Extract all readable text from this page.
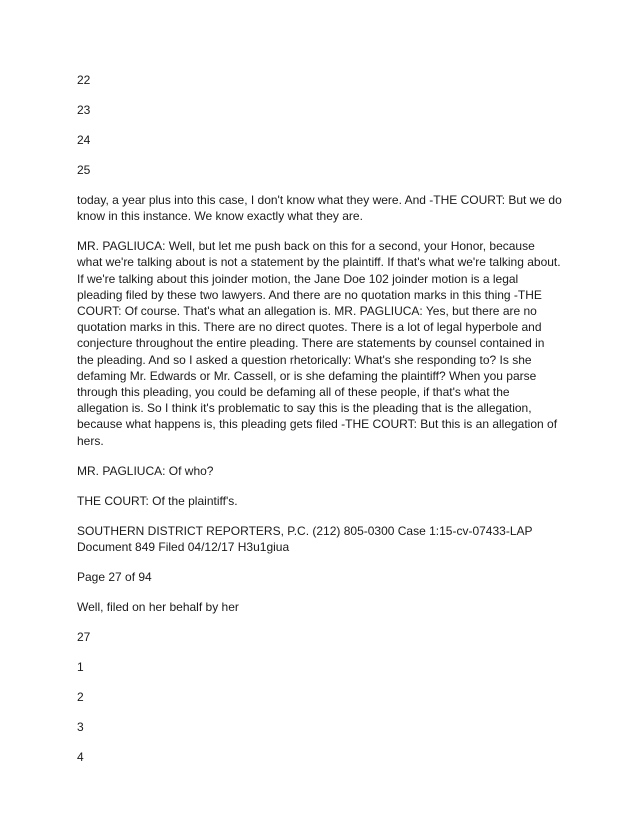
22

23

24

25

today, a year plus into this case, I don't know what they were. And -THE COURT: But we do know in this instance. We know exactly what they are.

MR. PAGLIUCA: Well, but let me push back on this for a second, your Honor, because what we're talking about is not a statement by the plaintiff. If that's what we're talking about. If we're talking about this joinder motion, the Jane Doe 102 joinder motion is a legal pleading filed by these two lawyers. And there are no quotation marks in this thing -THE COURT: Of course. That's what an allegation is. MR. PAGLIUCA: Yes, but there are no quotation marks in this. There are no direct quotes. There is a lot of legal hyperbole and conjecture throughout the entire pleading. There are statements by counsel contained in the pleading. And so I asked a question rhetorically: What's she responding to? Is she defaming Mr. Edwards or Mr. Cassell, or is she defaming the plaintiff? When you parse through this pleading, you could be defaming all of these people, if that's what the allegation is. So I think it's problematic to say this is the pleading that is the allegation, because what happens is, this pleading gets filed -THE COURT: But this is an allegation of hers.

MR. PAGLIUCA: Of who?

THE COURT: Of the plaintiff's.

SOUTHERN DISTRICT REPORTERS, P.C. (212) 805-0300 Case 1:15-cv-07433-LAP Document 849 Filed 04/12/17 H3u1giua

Page 27 of 94

Well, filed on her behalf by her

27

1

2

3

4
